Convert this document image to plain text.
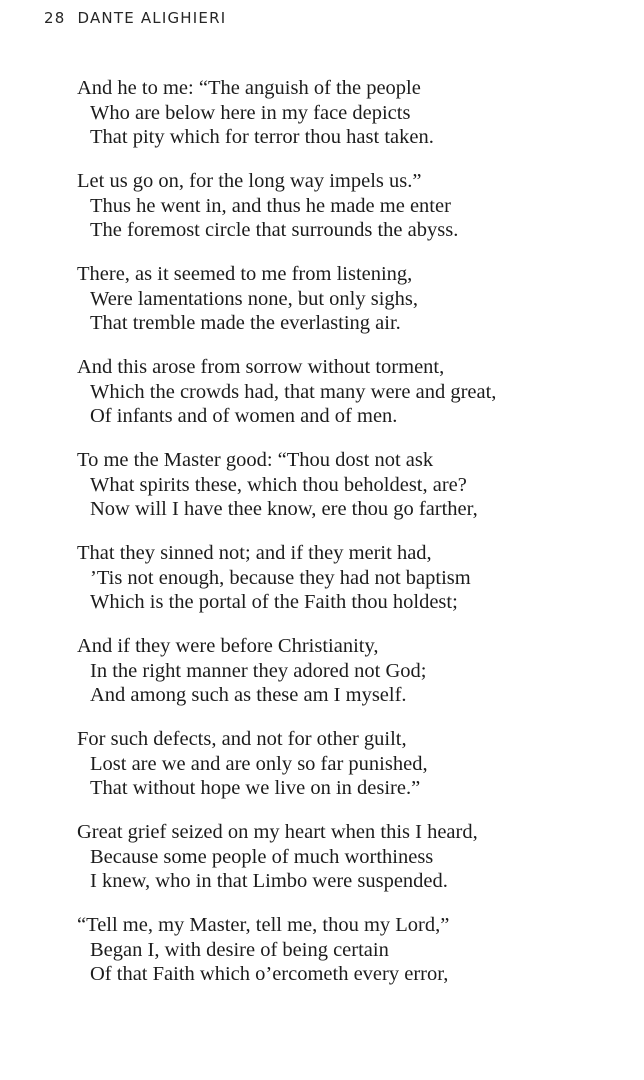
28 DANTE ALIGHIERI
And he to me: “The anguish of the people
Who are below here in my face depicts
That pity which for terror thou hast taken.
Let us go on, for the long way impels us.”
Thus he went in, and thus he made me enter
The foremost circle that surrounds the abyss.
There, as it seemed to me from listening,
Were lamentations none, but only sighs,
That tremble made the everlasting air.
And this arose from sorrow without torment,
Which the crowds had, that many were and great,
Of infants and of women and of men.
To me the Master good: “Thou dost not ask
What spirits these, which thou beholdest, are?
Now will I have thee know, ere thou go farther,
That they sinned not; and if they merit had,
’Tis not enough, because they had not baptism
Which is the portal of the Faith thou holdest;
And if they were before Christianity,
In the right manner they adored not God;
And among such as these am I myself.
For such defects, and not for other guilt,
Lost are we and are only so far punished,
That without hope we live on in desire.”
Great grief seized on my heart when this I heard,
Because some people of much worthiness
I knew, who in that Limbo were suspended.
“Tell me, my Master, tell me, thou my Lord,”
Began I, with desire of being certain
Of that Faith which o’ercometh every error,
